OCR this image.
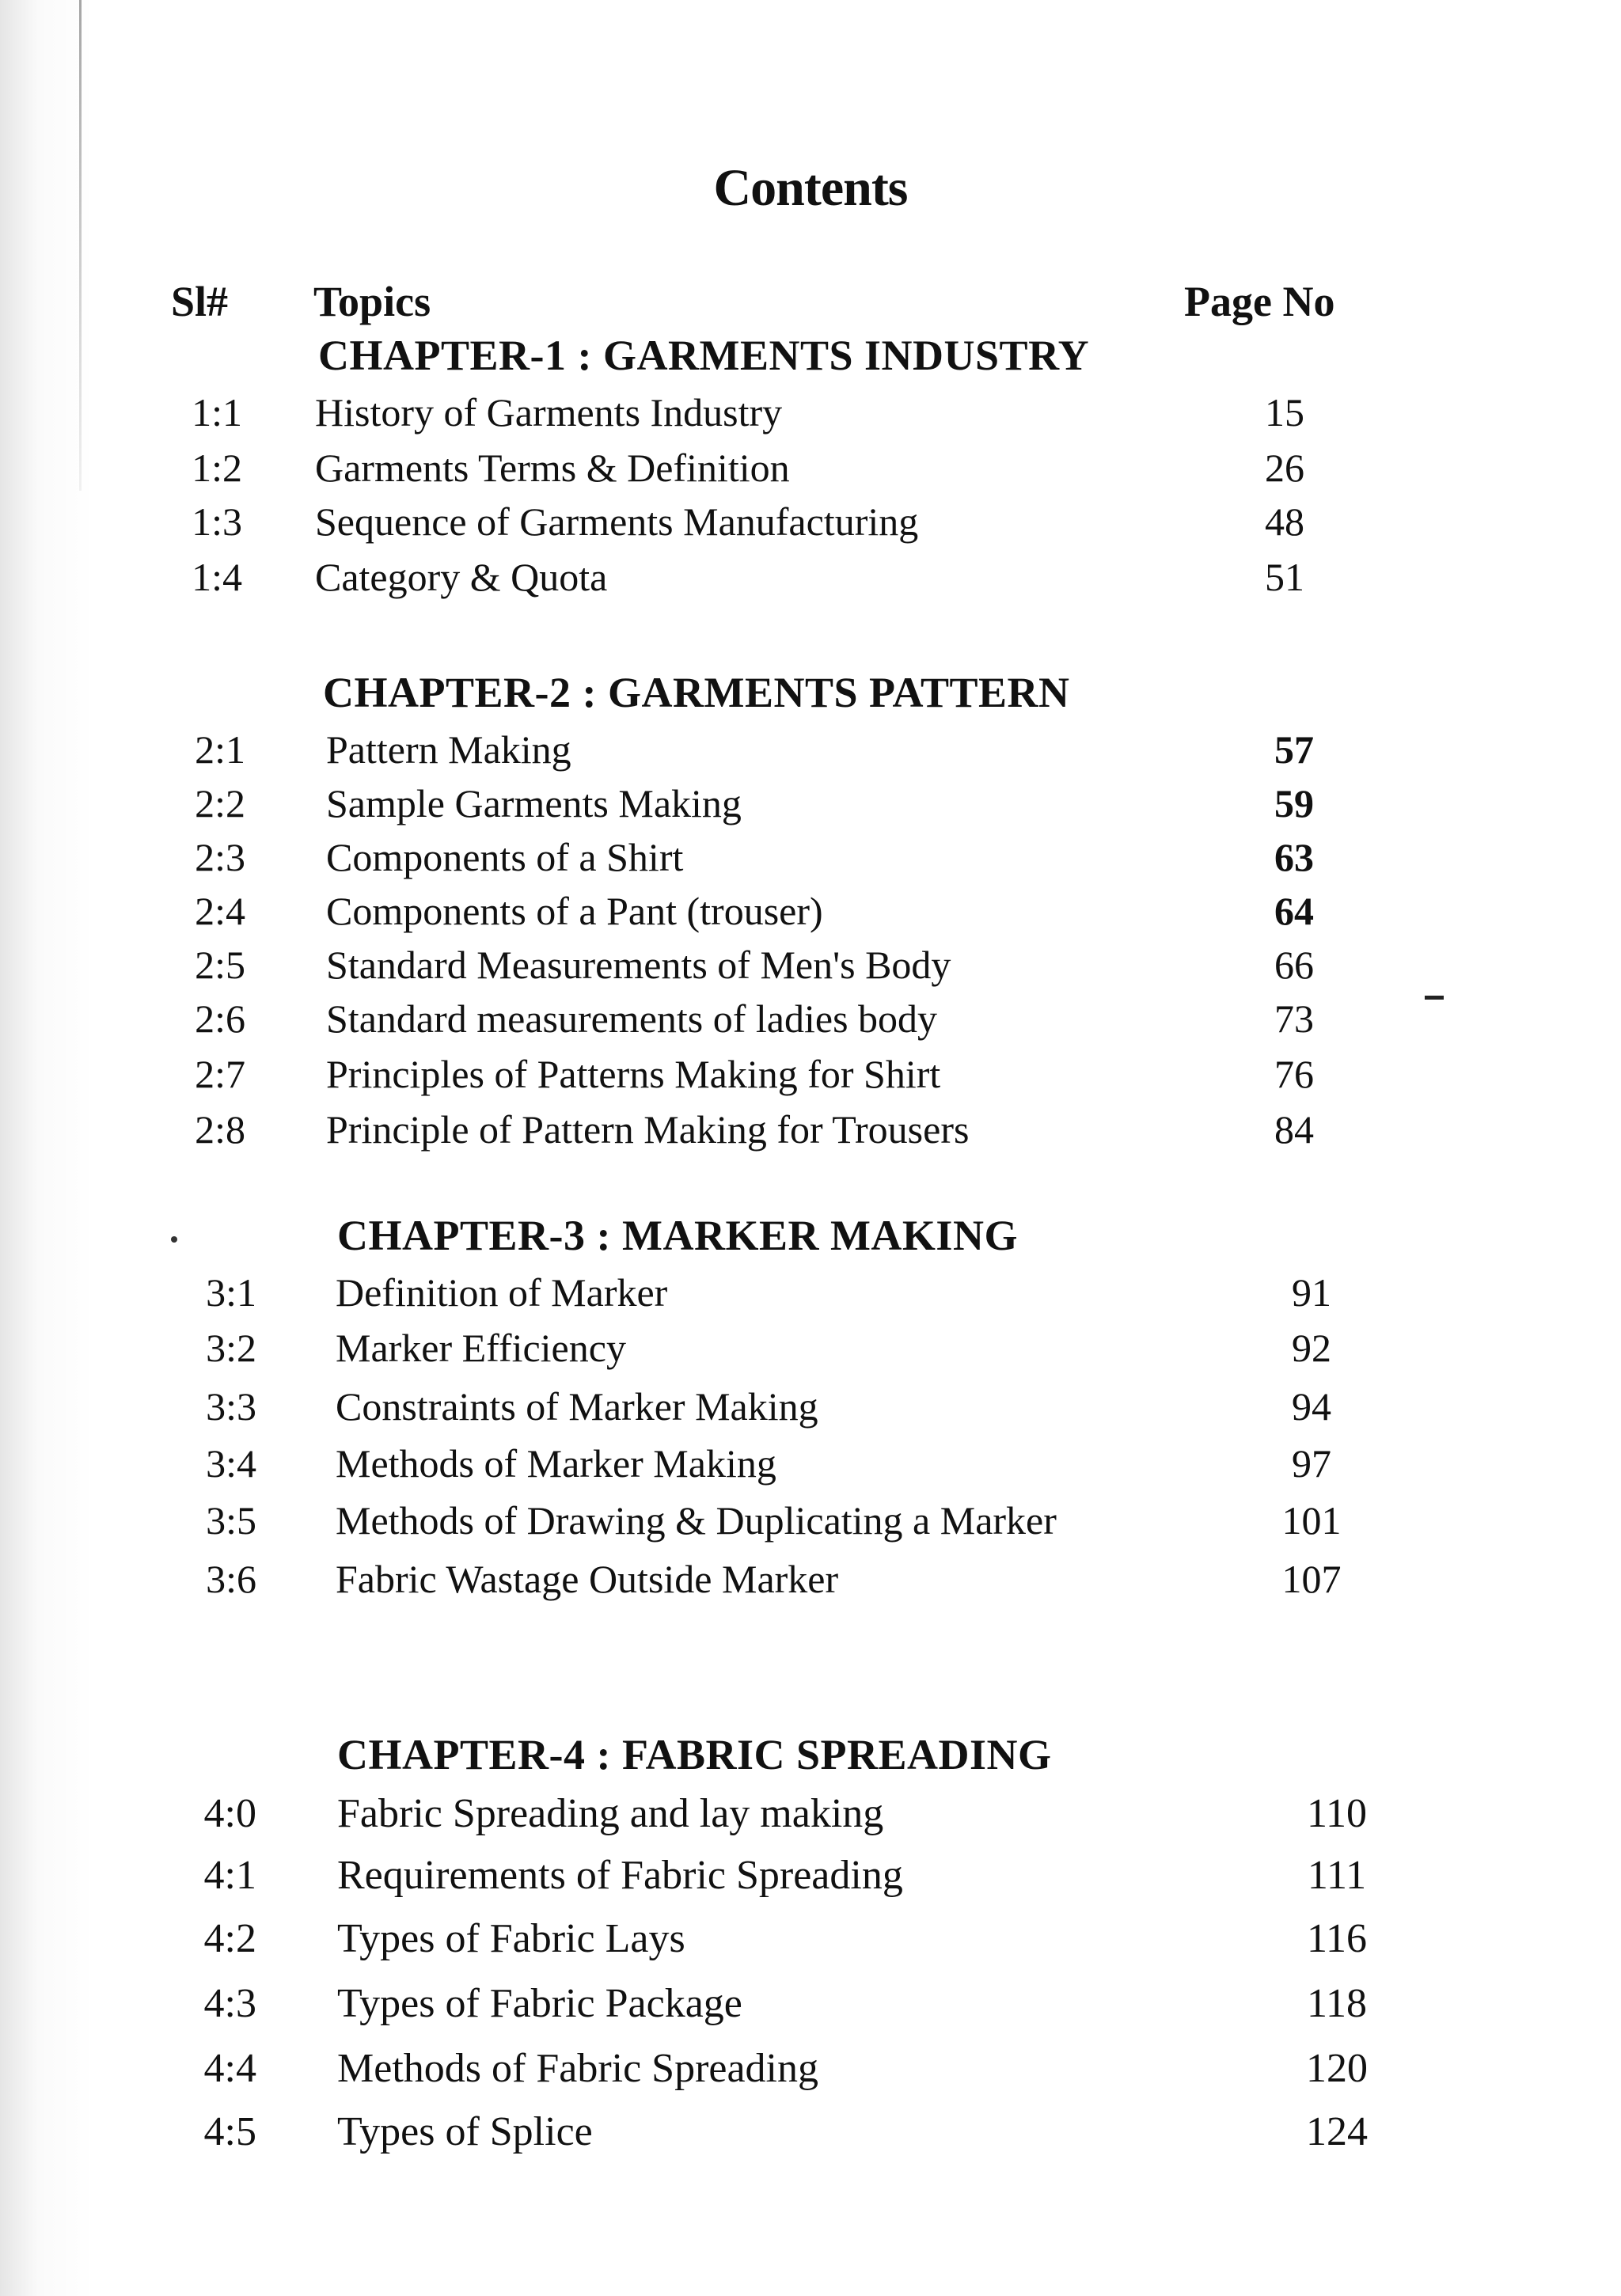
Contents
Sl# Topics	Page No
CHAPTER-1 : GARMENTS INDUSTRY
1:1 History of Garments Industry	15
1:2 Garments Terms & Definition	26
1:3 Sequence of Garments Manufacturing	48
1:4 Category & Quota	51
CHAPTER-2 : GARMENTS PATTERN
2:1 Pattern Making	57
2:2 Sample Garments Making	59
2:3 Components of a Shirt	63
2:4 Components of a Pant (trouser)	64
2:5 Standard Measurements of Men's Body	66
2:6 Standard measurements of ladies body	73
2:7 Principles of Patterns Making for Shirt	76
2:8 Principle of Pattern Making for Trousers	84
CHAPTER-3 : MARKER MAKING
3:1 Definition of Marker	91
3:2 Marker Efficiency	92
3:3 Constraints of Marker Making	94
3:4 Methods of Marker Making	97
3:5 Methods of Drawing & Duplicating a Marker	101
3:6 Fabric Wastage Outside Marker	107
CHAPTER-4 : FABRIC SPREADING
4:0 Fabric Spreading and lay making	110
4:1 Requirements of Fabric Spreading	111
4:2 Types of Fabric Lays	116
4:3 Types of Fabric Package	118
4:4 Methods of Fabric Spreading	120
4:5 Types of Splice	124
